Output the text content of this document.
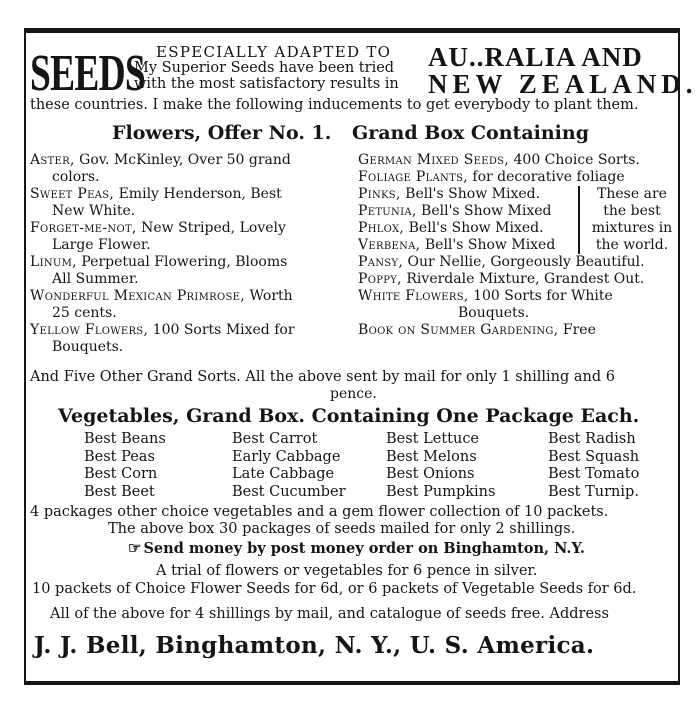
SEEDS ESPECIALLY ADAPTED TO
My Superior Seeds have been tried
with the most satisfactory results in
AU..RALIA AND
NEW ZEALAND.
these countries. I make the following inducements to get everybody to plant them.
Flowers, Offer No. 1. Grand Box Containing
Aster, Gov. McKinley, Over 50 grand
colors.
Sweet Peas, Emily Henderson, Best
New White.
Forget-me-not, New Striped, Lovely
Large Flower.
Linum, Perpetual Flowering, Blooms
All Summer.
Wonderful Mexican Primrose, Worth
25 cents.
Yellow Flowers, 100 Sorts Mixed for
Bouquets.
German Mixed Seeds, 400 Choice Sorts.
Foliage Plants, for decorative foliage
Pinks, Bell's Show Mixed.
Petunia, Bell's Show Mixed
Phlox, Bell's Show Mixed.
Verbena, Bell's Show Mixed
Pansy, Our Nellie, Gorgeously Beautiful.
Poppy, Riverdale Mixture, Grandest Out.
White Flowers, 100 Sorts for White
Bouquets.
Book on Summer Gardening, Free
These are
the best
mixtures in
the world.
And Five Other Grand Sorts. All the above sent by mail for only 1 shilling and 6
pence.
Vegetables, Grand Box. Containing One Package Each.
Best Beans
Best Peas
Best Corn
Best Beet
Best Carrot
Early Cabbage
Late Cabbage
Best Cucumber
Best Lettuce
Best Melons
Best Onions
Best Pumpkins
Best Radish
Best Squash
Best Tomato
Best Turnip.
4 packages other choice vegetables and a gem flower collection of 10 packets.
The above box 30 packages of seeds mailed for only 2 shillings.
☞ Send money by post money order on Binghamton, N.Y.
A trial of flowers or vegetables for 6 pence in silver.
10 packets of Choice Flower Seeds for 6d, or 6 packets of Vegetable Seeds for 6d.
All of the above for 4 shillings by mail, and catalogue of seeds free. Address
J. J. Bell, Binghamton, N. Y., U. S. America.
